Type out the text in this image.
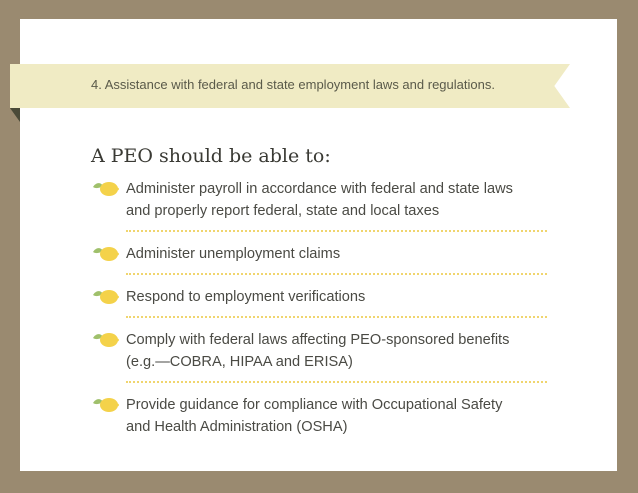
4. Assistance with federal and state employment laws and regulations.
A PEO should be able to:
Administer payroll in accordance with federal and state laws
and properly report federal, state and local taxes
Administer unemployment claims
Respond to employment verifications
Comply with federal laws affecting PEO-sponsored benefits
(e.g.—COBRA, HIPAA and ERISA)
Provide guidance for compliance with Occupational Safety
and Health Administration (OSHA)
